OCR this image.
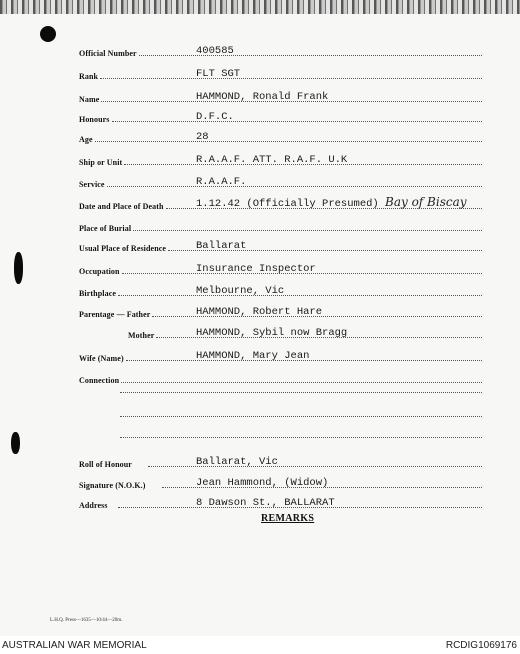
Official Number	400585
Rank	FLT SGT
Name	HAMMOND, Ronald Frank
Honours	D.F.C.
Age	28
Ship or Unit	R.A.A.F. ATT. R.A.F. U.K
Service	R.A.A.F.
Date and Place of Death	1.12.42 (Officially Presumed) Bay of Biscay
Place of Burial
Usual Place of Residence	Ballarat
Occupation	Insurance Inspector
Birthplace	Melbourne, Vic
Parentage — Father	HAMMOND, Robert Hare
Mother	HAMMOND, Sybil now Bragg
Wife (Name)	HAMMOND, Mary Jean
Connection
Roll of Honour	Ballarat, Vic
Signature (N.O.K.)	Jean Hammond, (Widow)
Address	8 Dawson St., BALLARAT
REMARKS
L.H.Q. Press—1635—10/44—20m.
AUSTRALIAN WAR MEMORIAL	RCDIG1069176
